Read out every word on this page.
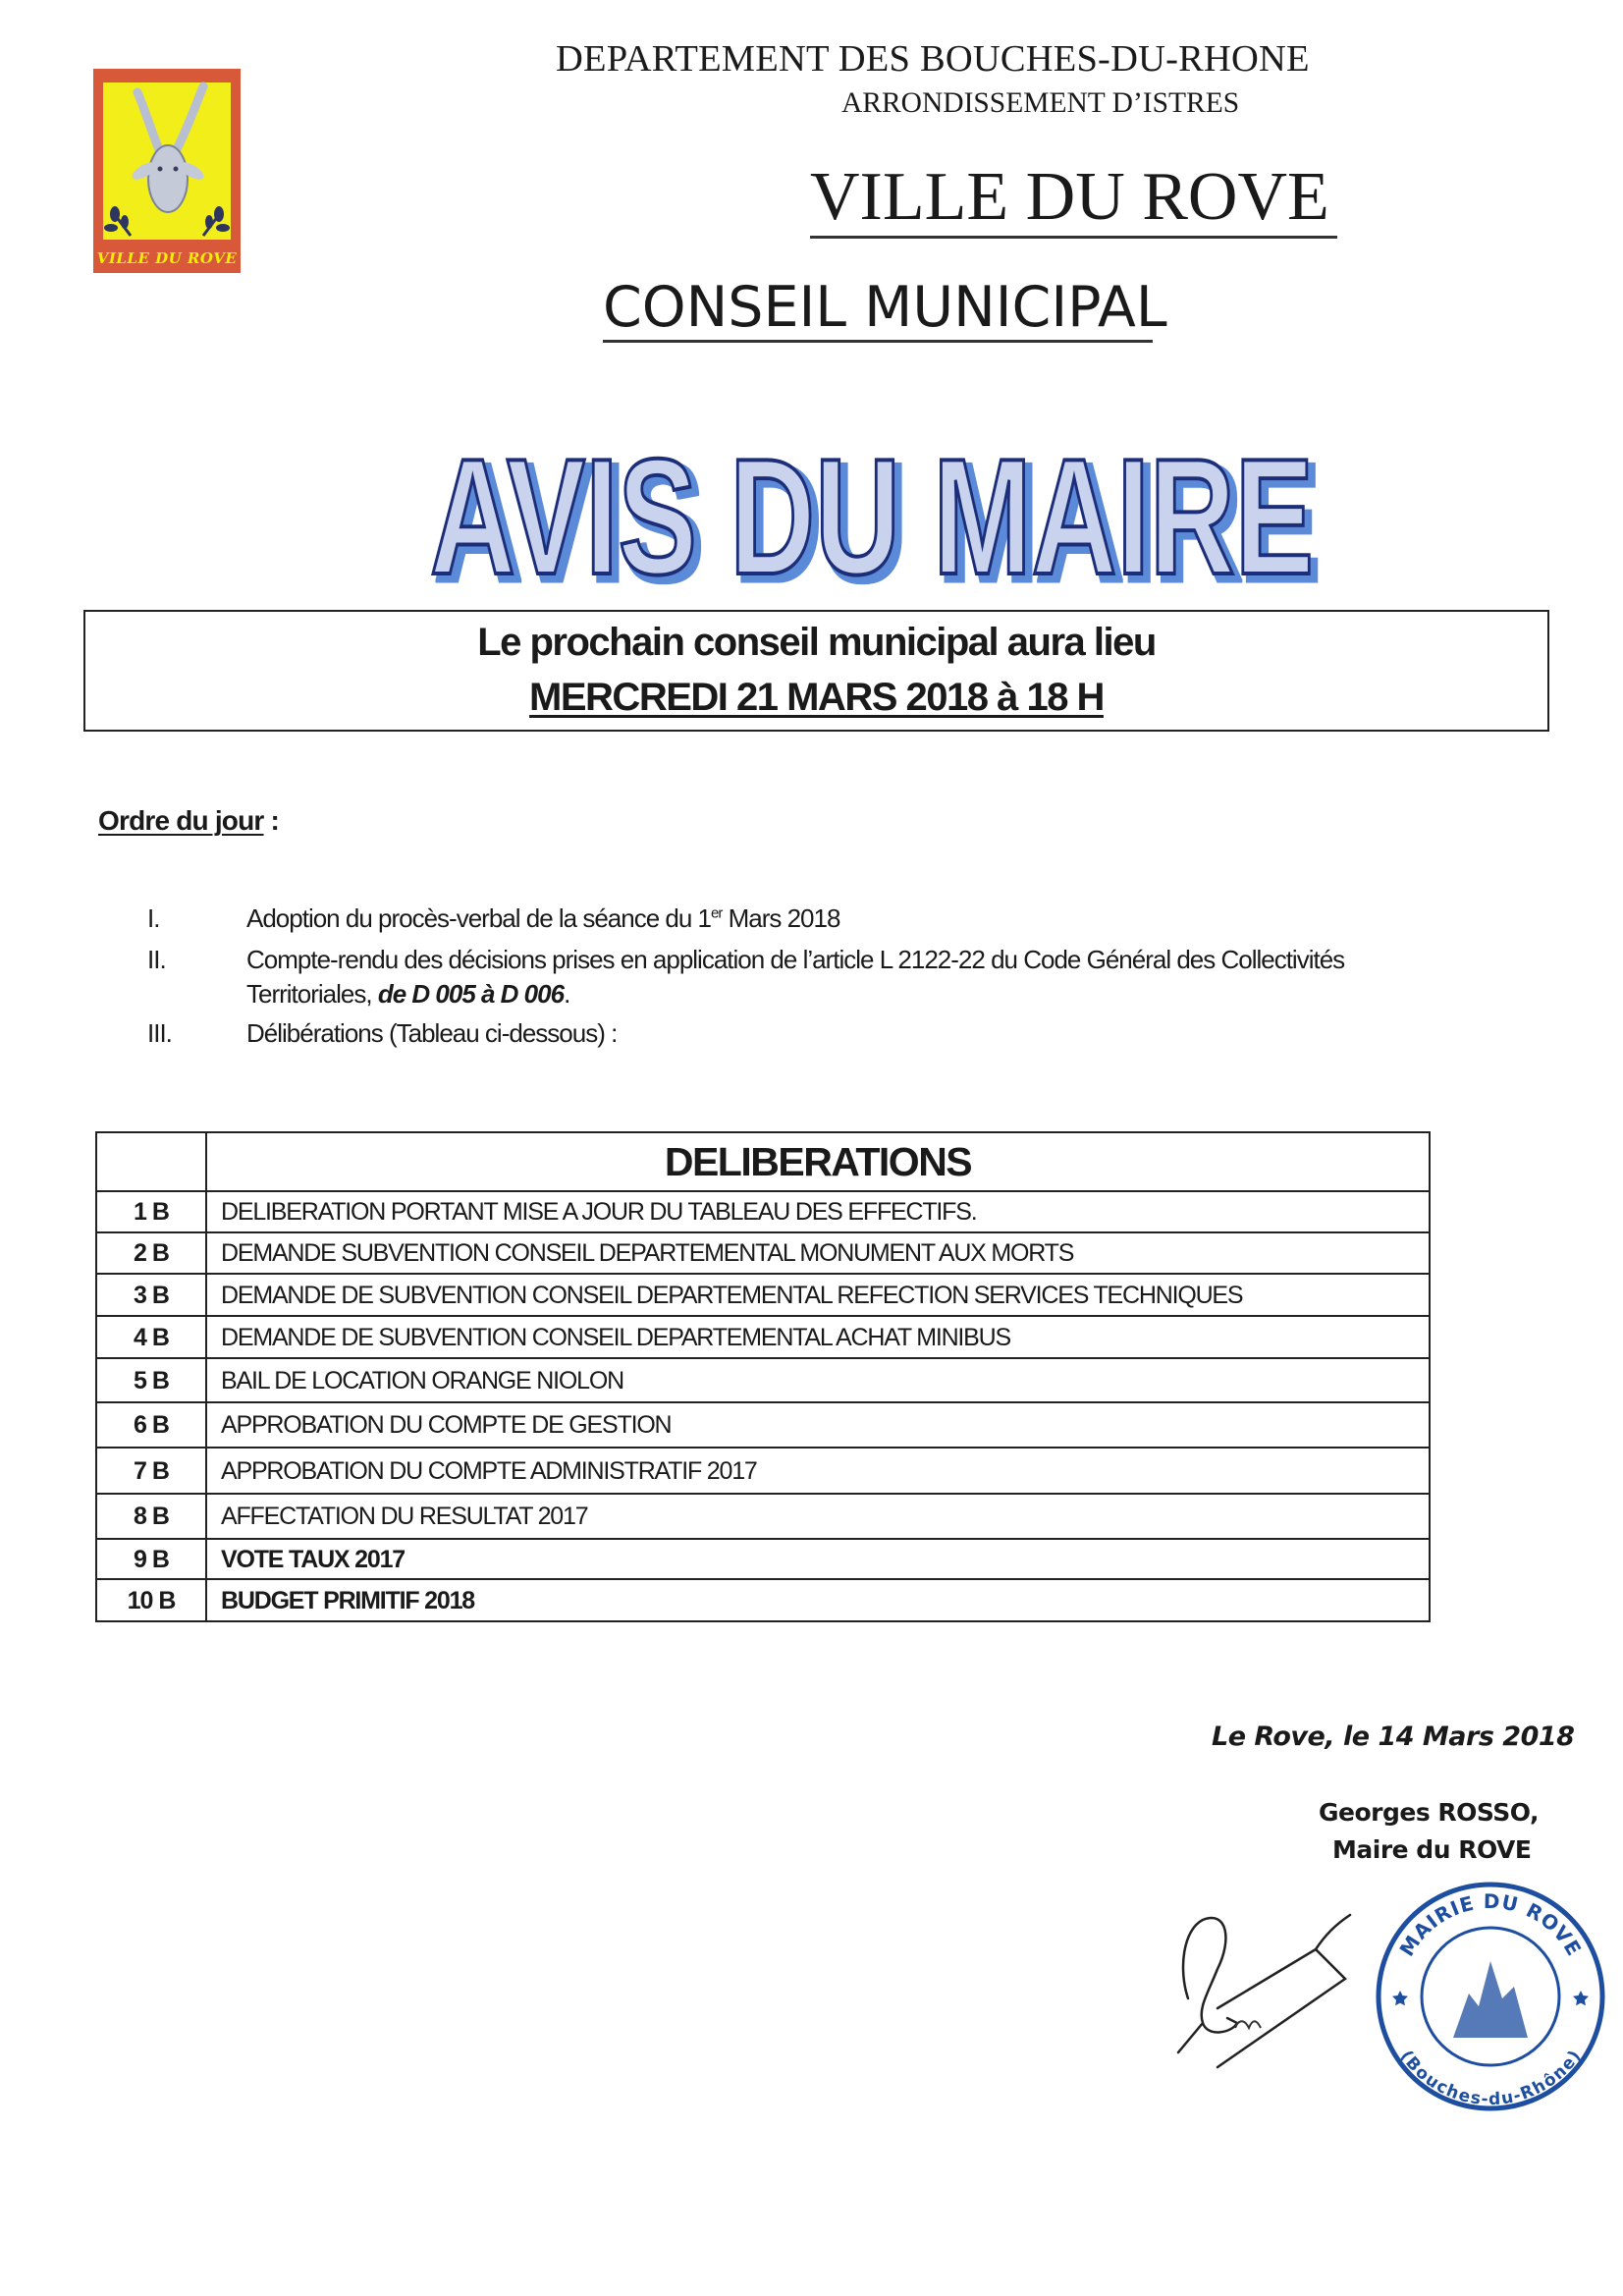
VILLE DU ROVE
DEPARTEMENT DES BOUCHES-DU-RHONE
ARRONDISSEMENT D’ISTRES
VILLE DU ROVE
CONSEIL MUNICIPAL
AVIS DU MAIRE
Le prochain conseil municipal aura lieu
MERCREDI 21 MARS 2018 à 18 H
Ordre du jour :
I.	Adoption du procès-verbal de la séance du 1er Mars 2018
II.	Compte-rendu des décisions prises en application de l’article L 2122-22 du Code Général des Collectivités
Territoriales, de D 005 à D 006.
III.	Délibérations (Tableau ci-dessous) :
	DELIBERATIONS
1 B	DELIBERATION PORTANT MISE A JOUR DU TABLEAU DES EFFECTIFS.
2 B	DEMANDE SUBVENTION CONSEIL DEPARTEMENTAL MONUMENT AUX MORTS
3 B	DEMANDE DE SUBVENTION CONSEIL DEPARTEMENTAL REFECTION SERVICES TECHNIQUES
4 B	DEMANDE DE SUBVENTION CONSEIL DEPARTEMENTAL ACHAT MINIBUS
5 B	BAIL DE LOCATION ORANGE NIOLON
6 B	APPROBATION DU COMPTE DE GESTION
7 B	APPROBATION DU COMPTE ADMINISTRATIF 2017
8 B	AFFECTATION DU RESULTAT 2017
9 B	VOTE TAUX 2017
10 B	BUDGET PRIMITIF 2018
Le Rove, le 14 Mars 2018
Georges ROSSO,
Maire du ROVE
MAIRIE DU ROVE
(Bouches-du-Rhône)
